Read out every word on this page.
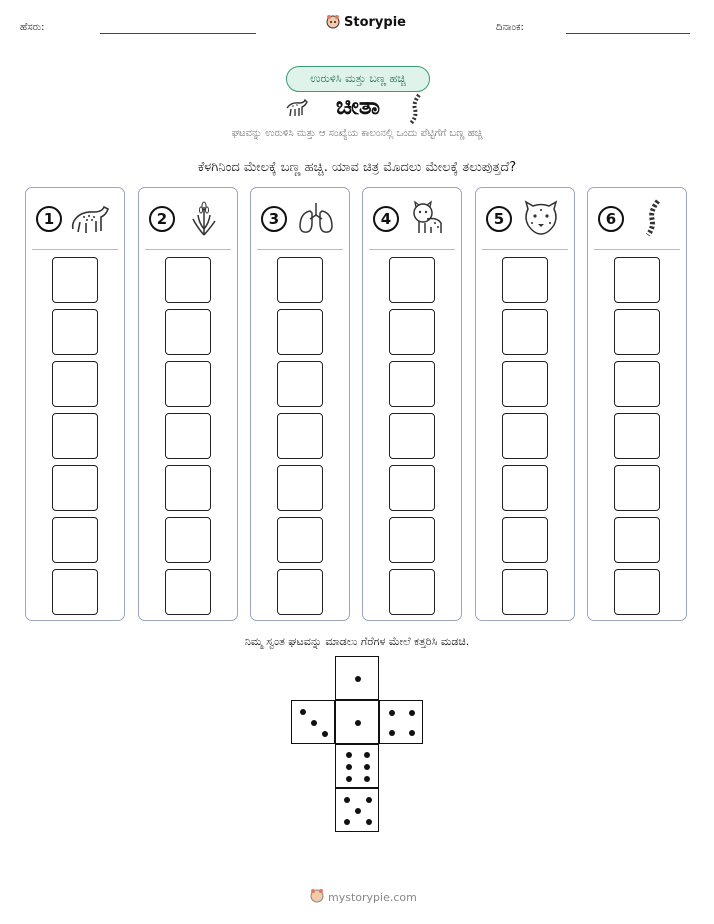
ಹೆಸರು:	Storypie	ದಿನಾಂಕ:
ಉರುಳಿಸಿ ಮತ್ತು ಬಣ್ಣ ಹಚ್ಚಿ
ಚೀತಾ
ಘಟವನ್ನು ಉರುಳಿಸಿ ಮತ್ತು ಆ ಸಂಖ್ಯೆಯ ಕಾಲಂನಲ್ಲಿ ಒಂದು ಪೆಟ್ಟಿಗೆಗೆ ಬಣ್ಣ ಹಚ್ಚಿ
ಕೆಳಗಿನಿಂದ ಮೇಲಕ್ಕೆ ಬಣ್ಣ ಹಚ್ಚಿ. ಯಾವ ಚಿತ್ರ ಮೊದಲು ಮೇಲಕ್ಕೆ ತಲುಪುತ್ತದೆ?
1	2	3	4	5	6
ನಿಮ್ಮ ಸ್ವಂತ ಘಟವನ್ನು ಮಾಡಲು ಗೆರೆಗಳ ಮೇಲೆ ಕತ್ತರಿಸಿ ಮಡಚಿ.
mystorypie.com
